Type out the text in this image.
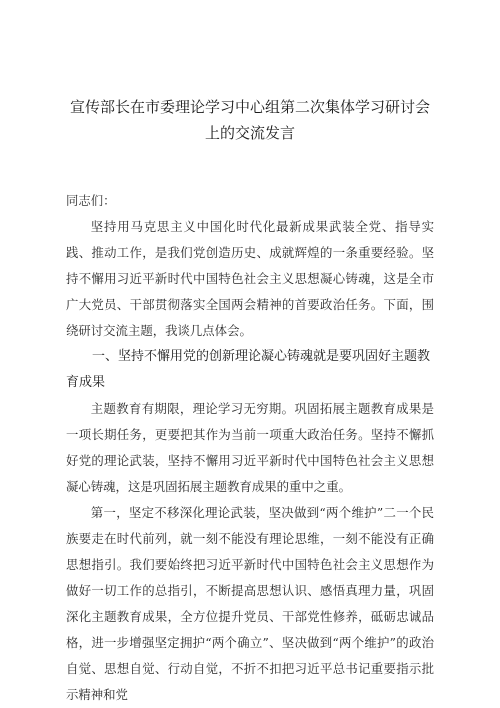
宣传部长在市委理论学习中心组第二次集体学习研讨会
上的交流发言
同志们：

坚持用马克思主义中国化时代化最新成果武装全党、指导实践、推动工作，是我们党创造历史、成就辉煌的一条重要经验。坚持不懈用习近平新时代中国特色社会主义思想凝心铸魂，这是全市广大党员、干部贯彻落实全国两会精神的首要政治任务。下面，围绕研讨交流主题，我谈几点体会。

一、坚持不懈用党的创新理论凝心铸魂就是要巩固好主题教育成果

主题教育有期限，理论学习无穷期。巩固拓展主题教育成果是一项长期任务，更要把其作为当前一项重大政治任务。坚持不懈抓好党的理论武装，坚持不懈用习近平新时代中国特色社会主义思想凝心铸魂，这是巩固拓展主题教育成果的重中之重。

第一，坚定不移深化理论武装，坚决做到“两个维护”二一个民族要走在时代前列，就一刻不能没有理论思维，一刻不能没有正确思想指引。我们要始终把习近平新时代中国特色社会主义思想作为做好一切工作的总指引，不断提高思想认识、感悟真理力量，巩固深化主题教育成果，全方位提升党员、干部党性修养，砥砺忠诚品格，进一步增强坚定拥护“两个确立”、坚决做到“两个维护”的政治自觉、思想自觉、行动自觉，不折不扣把习近平总书记重要指示批示精神和党
